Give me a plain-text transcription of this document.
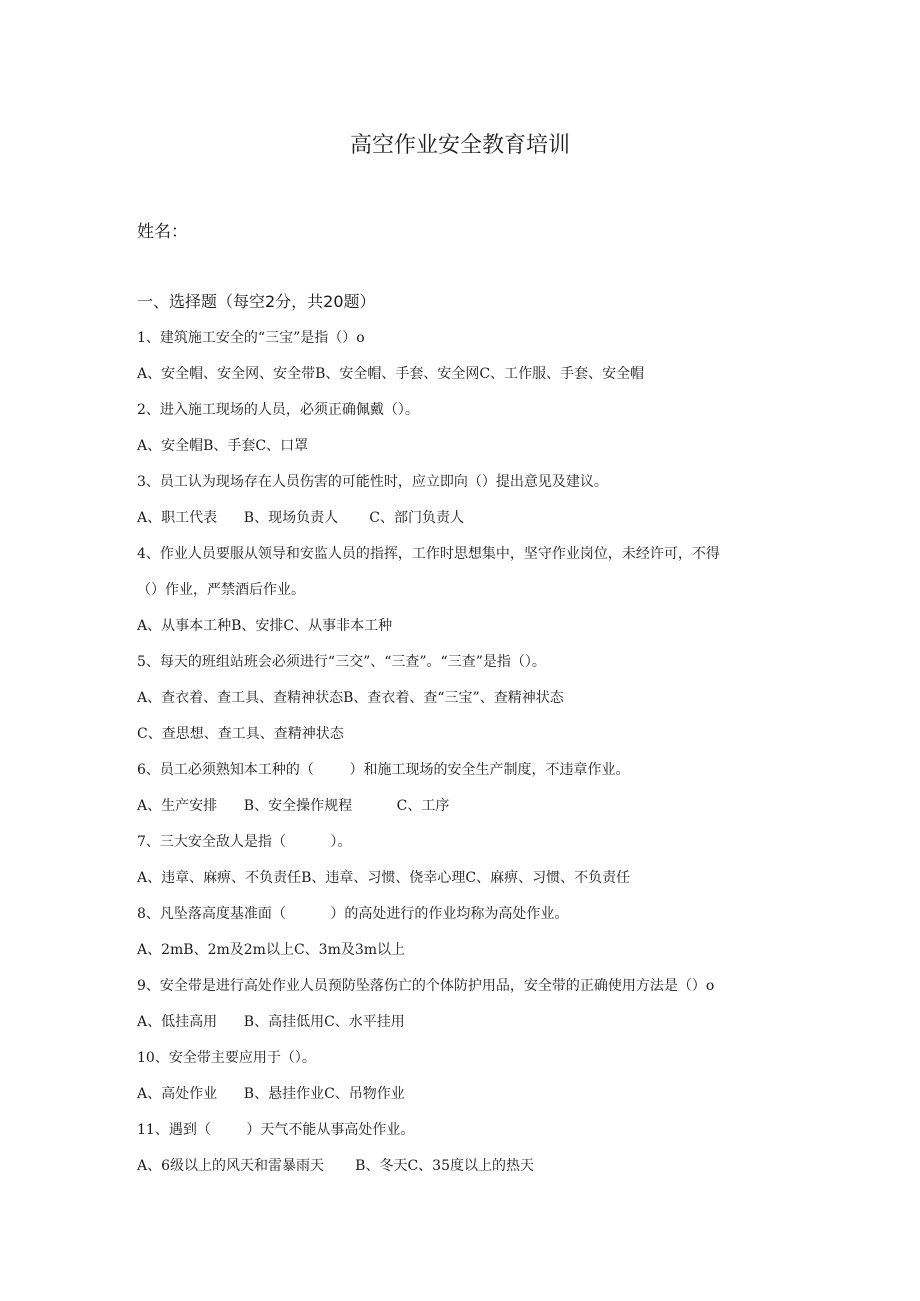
高空作业安全教育培训
姓名：
一、选择题（每空2分，共20题）
1、建筑施工安全的“三宝”是指（）o
A、安全帽、安全网、安全带B、安全帽、手套、安全网C、工作服、手套、安全帽
2、进入施工现场的人员，必须正确佩戴（）。
A、安全帽B、手套C、口罩
3、员工认为现场存在人员伤害的可能性时，应立即向（）提出意见及建议。
A、职工代表      B、现场负责人       C、部门负责人
4、作业人员要服从领导和安监人员的指挥，工作时思想集中，坚守作业岗位，未经许可，不得
（）作业，严禁酒后作业。
A、从事本工种B、安排C、从事非本工种
5、每天的班组站班会必须进行“三交”、“三查”。“三查”是指（）。
A、查衣着、查工具、查精神状态B、查衣着、查“三宝”、查精神状态
C、查思想、查工具、查精神状态
6、员工必须熟知本工种的（        ）和施工现场的安全生产制度，不违章作业。
A、生产安排      B、安全操作规程          C、工序
7、三大安全敌人是指（          ）。
A、违章、麻痹、不负责任B、违章、习惯、侥幸心理C、麻痹、习惯、不负责任
8、凡坠落高度基准面（          ）的高处进行的作业均称为高处作业。
A、2mB、2m及2m以上C、3m及3m以上
9、安全带是进行高处作业人员预防坠落伤亡的个体防护用品，安全带的正确使用方法是（）o
A、低挂高用      B、高挂低用C、水平挂用
10、安全带主要应用于（）。
A、高处作业      B、悬挂作业C、吊物作业
11、遇到（        ）天气不能从事高处作业。
A、6级以上的风天和雷暴雨天       B、冬天C、35度以上的热天
